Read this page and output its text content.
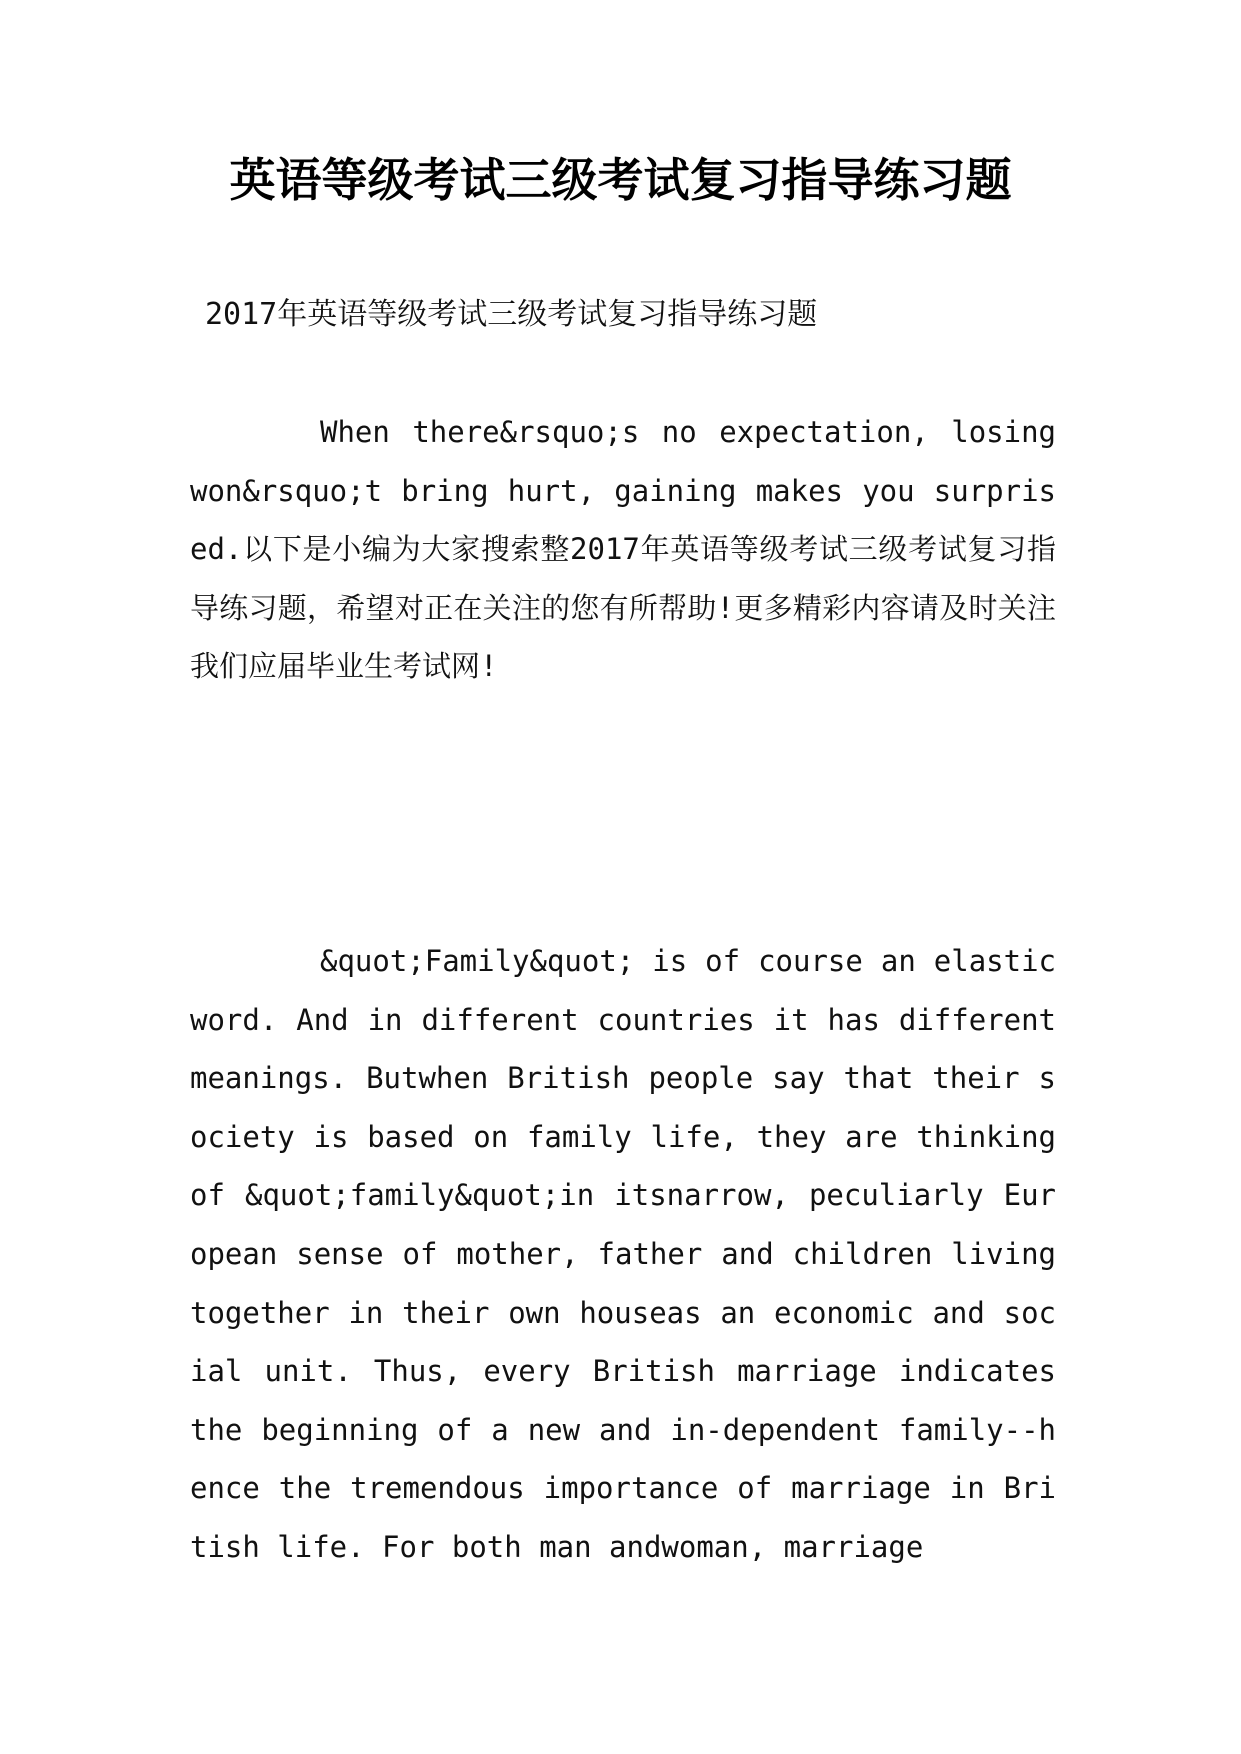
英语等级考试三级考试复习指导练习题

2017年英语等级考试三级考试复习指导练习题

When there&rsquo;s no expectation, losing won&rsquo;t bring hurt, gaining makes you surprised.以下是小编为大家搜索整2017年英语等级考试三级考试复习指导练习题，希望对正在关注的您有所帮助!更多精彩内容请及时关注我们应届毕业生考试网!

&quot;Family&quot; is of course an elastic word. And in different countries it has different meanings. Butwhen British people say that their society is based on family life, they are thinking of &quot;family&quot;in itsnarrow, peculiarly European sense of mother, father and children living together in their own houseas an economic and social unit. Thus, every British marriage indicates the beginning of a new and in-dependent family--hence the tremendous importance of marriage in British life. For both man andwoman, marriage
